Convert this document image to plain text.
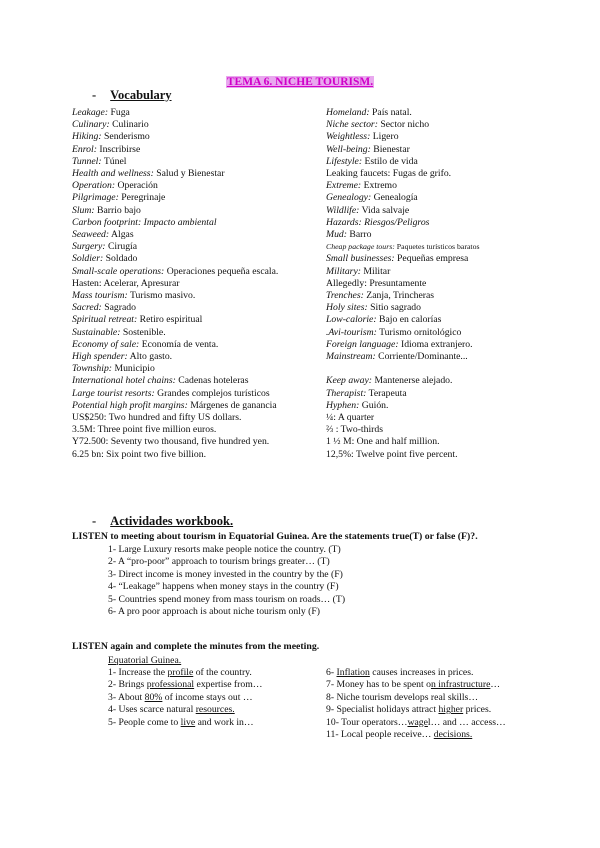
TEMA 6. NICHE TOURISM.
- Vocabulary
Leakage: Fuga
Culinary: Culinario
Hiking: Senderismo
Enrol: Inscribirse
Tunnel: Túnel
Health and wellness: Salud y Bienestar
Operation: Operación
Pilgrimage: Peregrinaje
Slum: Barrio bajo
Carbon footprint: Impacto ambiental
Seaweed: Algas
Surgery: Cirugía
Soldier: Soldado
Small-scale operations: Operaciones pequeña escala.
Hasten: Acelerar, Apresurar
Mass tourism: Turismo masivo.
Sacred: Sagrado
Spiritual retreat: Retiro espiritual
Sustainable: Sostenible.
Economy of sale: Economía de venta.
High spender: Alto gasto.
Township: Municipio
International hotel chains: Cadenas hoteleras
Large tourist resorts: Grandes complejos turísticos
Potential high profit margins: Márgenes de ganancia
US$250: Two hundred and fifty US dollars.
3.5M: Three point five million euros.
Y72.500: Seventy two thousand, five hundred yen.
6.25 bn: Six point two five billion.
Homeland: País natal.
Niche sector: Sector nicho
Weightless: Ligero
Well-being: Bienestar
Lifestyle: Estilo de vida
Leaking faucets: Fugas de grifo.
Extreme: Extremo
Genealogy: Genealogía
Wildlife: Vida salvaje
Hazards: Riesgos/Peligros
Mud: Barro
Cheap package tours: Paquetes turísticos baratos
Small businesses: Pequeñas empresa
Military: Militar
Allegedly: Presuntamente
Trenches: Zanja, Trincheras
Holy sites: Sitio sagrado
Low-calorie: Bajo en calorías
.Avi-tourism: Turismo ornitológico
Foreign language: Idioma extranjero.
Mainstream: Corriente/Dominante...

Keep away: Mantenerse alejado.
Therapist: Terapeuta
Hyphen: Guión.
¼: A quarter
⅔ : Two-thirds
1 ½ M: One and half million.
12,5%: Twelve point five percent.
- Actividades workbook.
LISTEN to meeting about tourism in Equatorial Guinea. Are the statements true(T) or false (F)?.
1- Large Luxury resorts make people notice the country. (T)
2- A “pro-poor” approach to tourism brings greater… (T)
3- Direct income is money invested in the country by the (F)
4- “Leakage” happens when money stays in the country (F)
5- Countries spend money from mass tourism on roads… (T)
6- A pro poor approach is about niche tourism only (F)
LISTEN again and complete the minutes from the meeting.
Equatorial Guinea.
1- Increase the profile of the country.
2- Brings professional expertise from…
3- About 80% of income stays out …
4- Uses scarce natural resources.
5- People come to live and work in…
6- Inflation causes increases in prices.
7- Money has to be spent on infrastructure…
8- Niche tourism develops real skills…
9- Specialist holidays attract higher prices.
10- Tour operators…wagel… and … access…
11- Local people receive… decisions.
